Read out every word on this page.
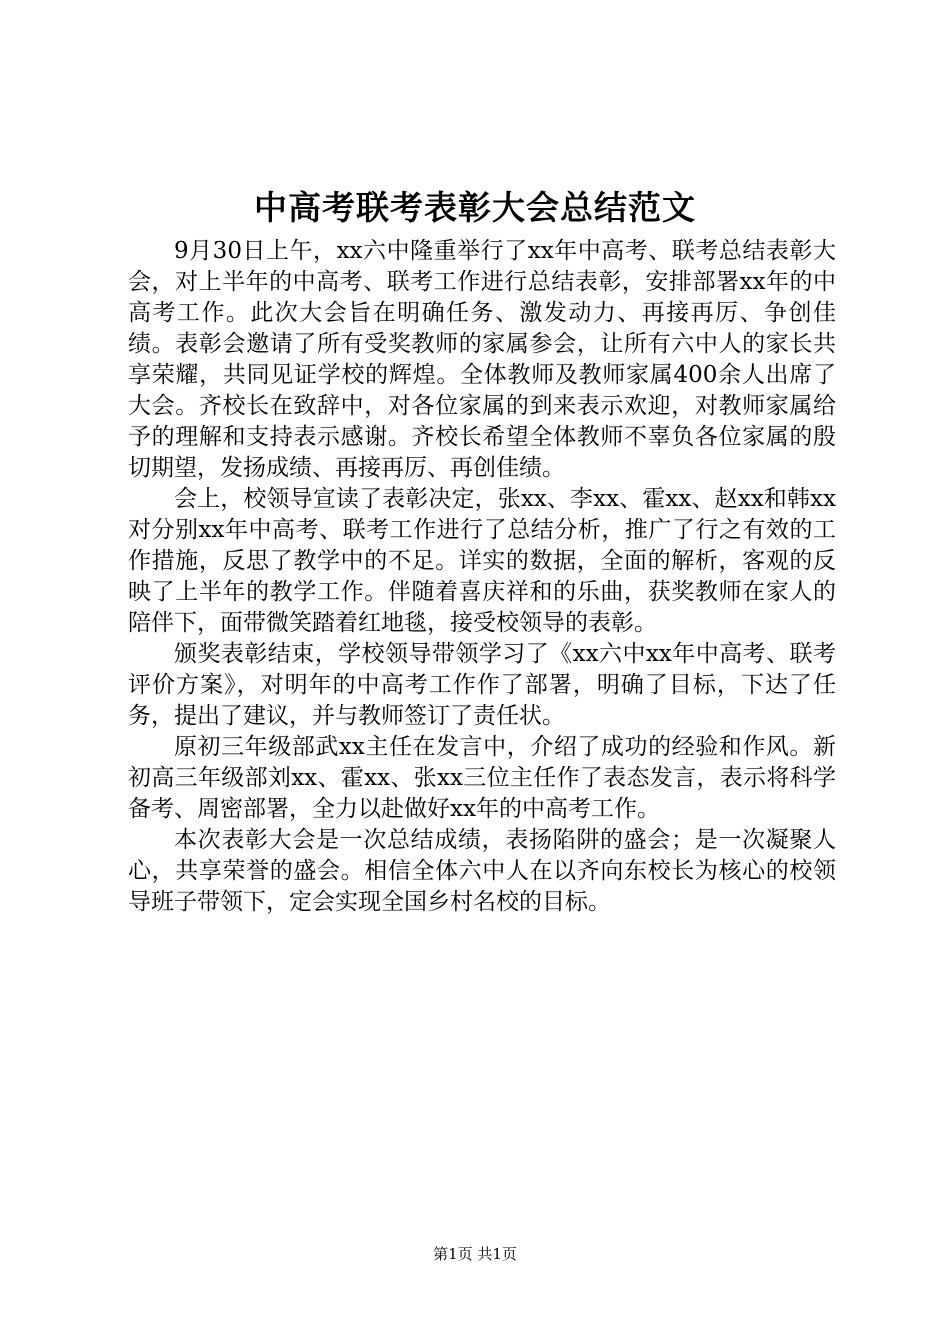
中高考联考表彰大会总结范文

9月30日上午，xx六中隆重举行了xx年中高考、联考总结表彰大会，对上半年的中高考、联考工作进行总结表彰，安排部署xx年的中高考工作。此次大会旨在明确任务、激发动力、再接再厉、争创佳绩。表彰会邀请了所有受奖教师的家属参会，让所有六中人的家长共享荣耀，共同见证学校的辉煌。全体教师及教师家属400余人出席了大会。齐校长在致辞中，对各位家属的到来表示欢迎，对教师家属给予的理解和支持表示感谢。齐校长希望全体教师不辜负各位家属的殷切期望，发扬成绩、再接再厉、再创佳绩。

会上，校领导宣读了表彰决定，张xx、李xx、霍xx、赵xx和韩xx对分别xx年中高考、联考工作进行了总结分析，推广了行之有效的工作措施，反思了教学中的不足。详实的数据，全面的解析，客观的反映了上半年的教学工作。伴随着喜庆祥和的乐曲，获奖教师在家人的陪伴下，面带微笑踏着红地毯，接受校领导的表彰。

颁奖表彰结束，学校领导带领学习了《xx六中xx年中高考、联考评价方案》，对明年的中高考工作作了部署，明确了目标，下达了任务，提出了建议，并与教师签订了责任状。

原初三年级部武xx主任在发言中，介绍了成功的经验和作风。新初高三年级部刘xx、霍xx、张xx三位主任作了表态发言，表示将科学备考、周密部署，全力以赴做好xx年的中高考工作。

本次表彰大会是一次总结成绩，表扬陷阱的盛会；是一次凝聚人心，共享荣誉的盛会。相信全体六中人在以齐向东校长为核心的校领导班子带领下，定会实现全国乡村名校的目标。

第1页 共1页
